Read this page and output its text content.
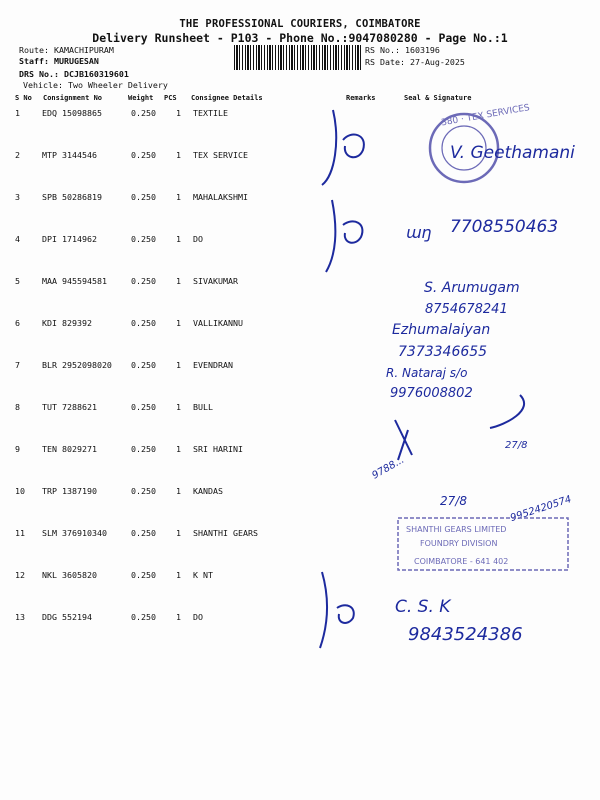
THE PROFESSIONAL COURIERS, COIMBATORE
Delivery Runsheet - P103 - Phone No.:9047080280 - Page No.:1
Route: KAMACHIPURAM
Staff: MURUGESAN
DRS No.: DCJB160319601
Vehicle: Two Wheeler Delivery
RS No.: 1603196
RS Date: 27-Aug-2025
S No Consignment No	Weight PCS Consignee Details	Remarks	Seal & Signature
1	EDQ 15098865	0.250 1 TEXTILE
2	MTP 3144546	0.250 1 TEX SERVICE
3	SPB 50286819	0.250 1 MAHALAKSHMI
4	DPI 1714962	0.250 1 DO
5	MAA 945594581	0.250 1 SIVAKUMAR
6	KDI 829392	0.250 1 VALLIKANNU
7	BLR 2952098020 0.250 1 EVENDRAN
8	TUT 7288621	0.250 1 BULL
9	TEN 8029271	0.250 1 SRI HARINI
10 TRP 1387190	0.250 1 KANDAS
11 SLM 376910340	0.250 1 SHANTHI GEARS
12 NKL 3605820	0.250 1 K NT
13 DDG 552194	0.250 1 DO
380 · TEX SERVICES
V. Geethamani
ɯŋ 7708550463
S. Arumugam
8754678241
Ezhumalaiyan
7373346655
R. Nataraj s/o
9976008802
27/8
9788...
27/8	9952420574
SHANTHI GEARS LIMITED
FOUNDRY DIVISION
COIMBATORE - 641 402
C. S. K
9843524386
